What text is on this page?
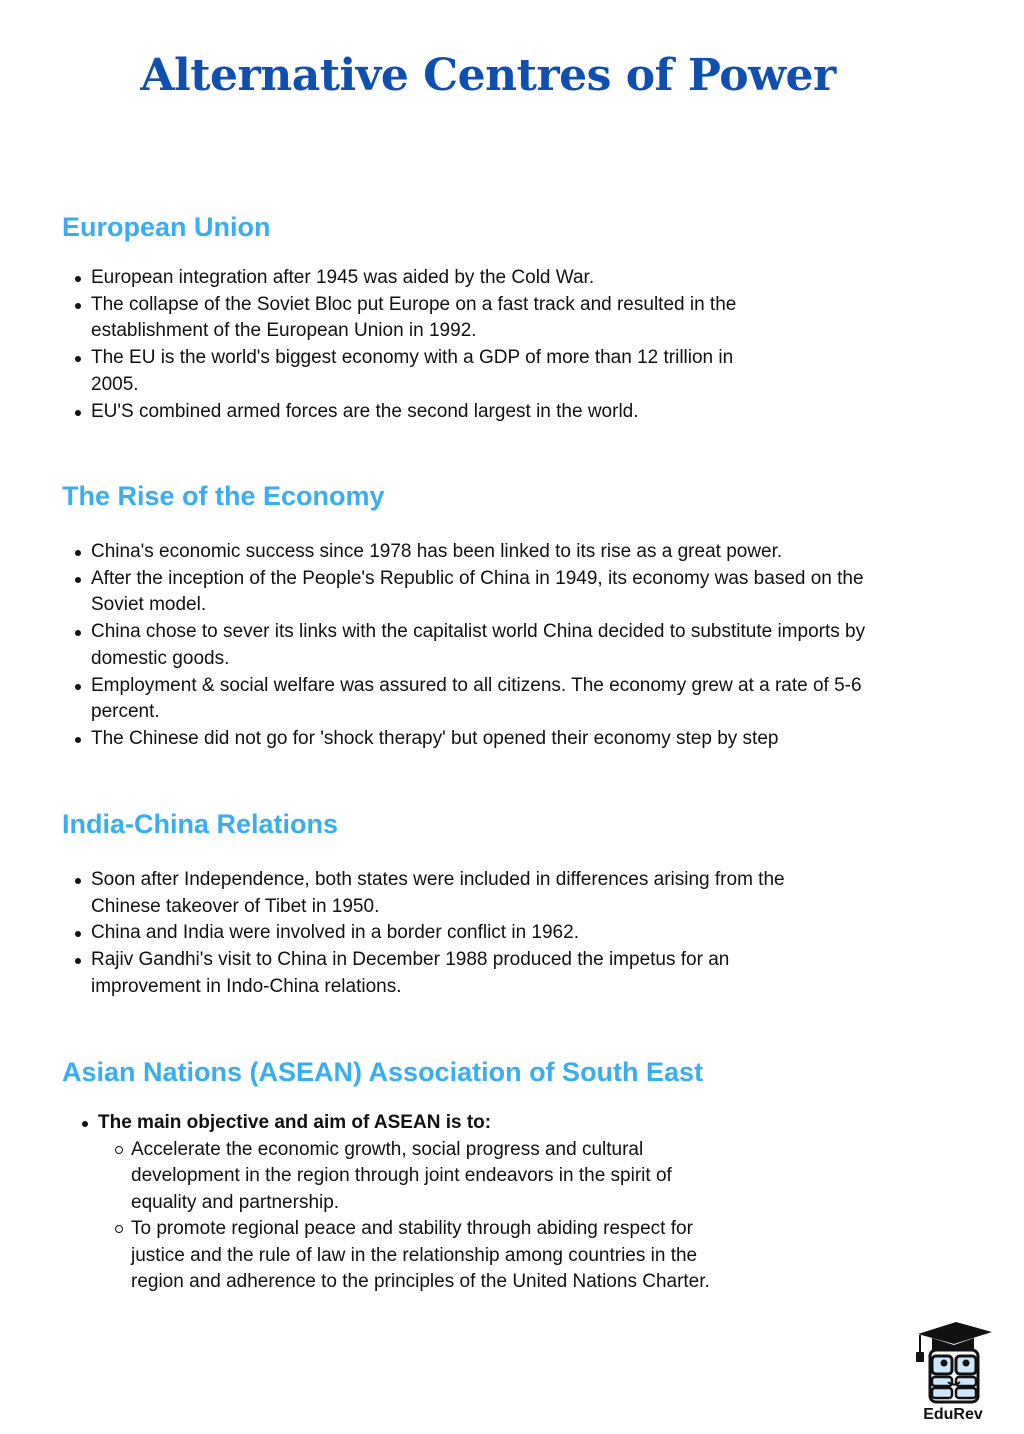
Alternative Centres of Power
European Union
European integration after 1945 was aided by the Cold War.
The collapse of the Soviet Bloc put Europe on a fast track and resulted in the establishment of the European Union in 1992.
The EU is the world's biggest economy with a GDP of more than 12 trillion in 2005.
EU'S combined armed forces are the second largest in the world.
The Rise of the Economy
China's economic success since 1978 has been linked to its rise as a great power.
After the inception of the People's Republic of China in 1949, its economy was based on the Soviet model.
China chose to sever its links with the capitalist world China decided to substitute imports by domestic goods.
Employment & social welfare was assured to all citizens. The economy grew at a rate of 5-6 percent.
The Chinese did not go for 'shock therapy' but opened their economy step by step
India-China Relations
Soon after Independence, both states were included in differences arising from the Chinese takeover of Tibet in 1950.
China and India were involved in a border conflict in 1962.
Rajiv Gandhi's visit to China in December 1988 produced the impetus for an improvement in Indo-China relations.
Asian Nations (ASEAN) Association of South East
The main objective and aim of ASEAN is to:
Accelerate the economic growth, social progress and cultural development in the region through joint endeavors in the spirit of equality and partnership.
To promote regional peace and stability through abiding respect for justice and the rule of law in the relationship among countries in the region and adherence to the principles of the United Nations Charter.
EduRev
